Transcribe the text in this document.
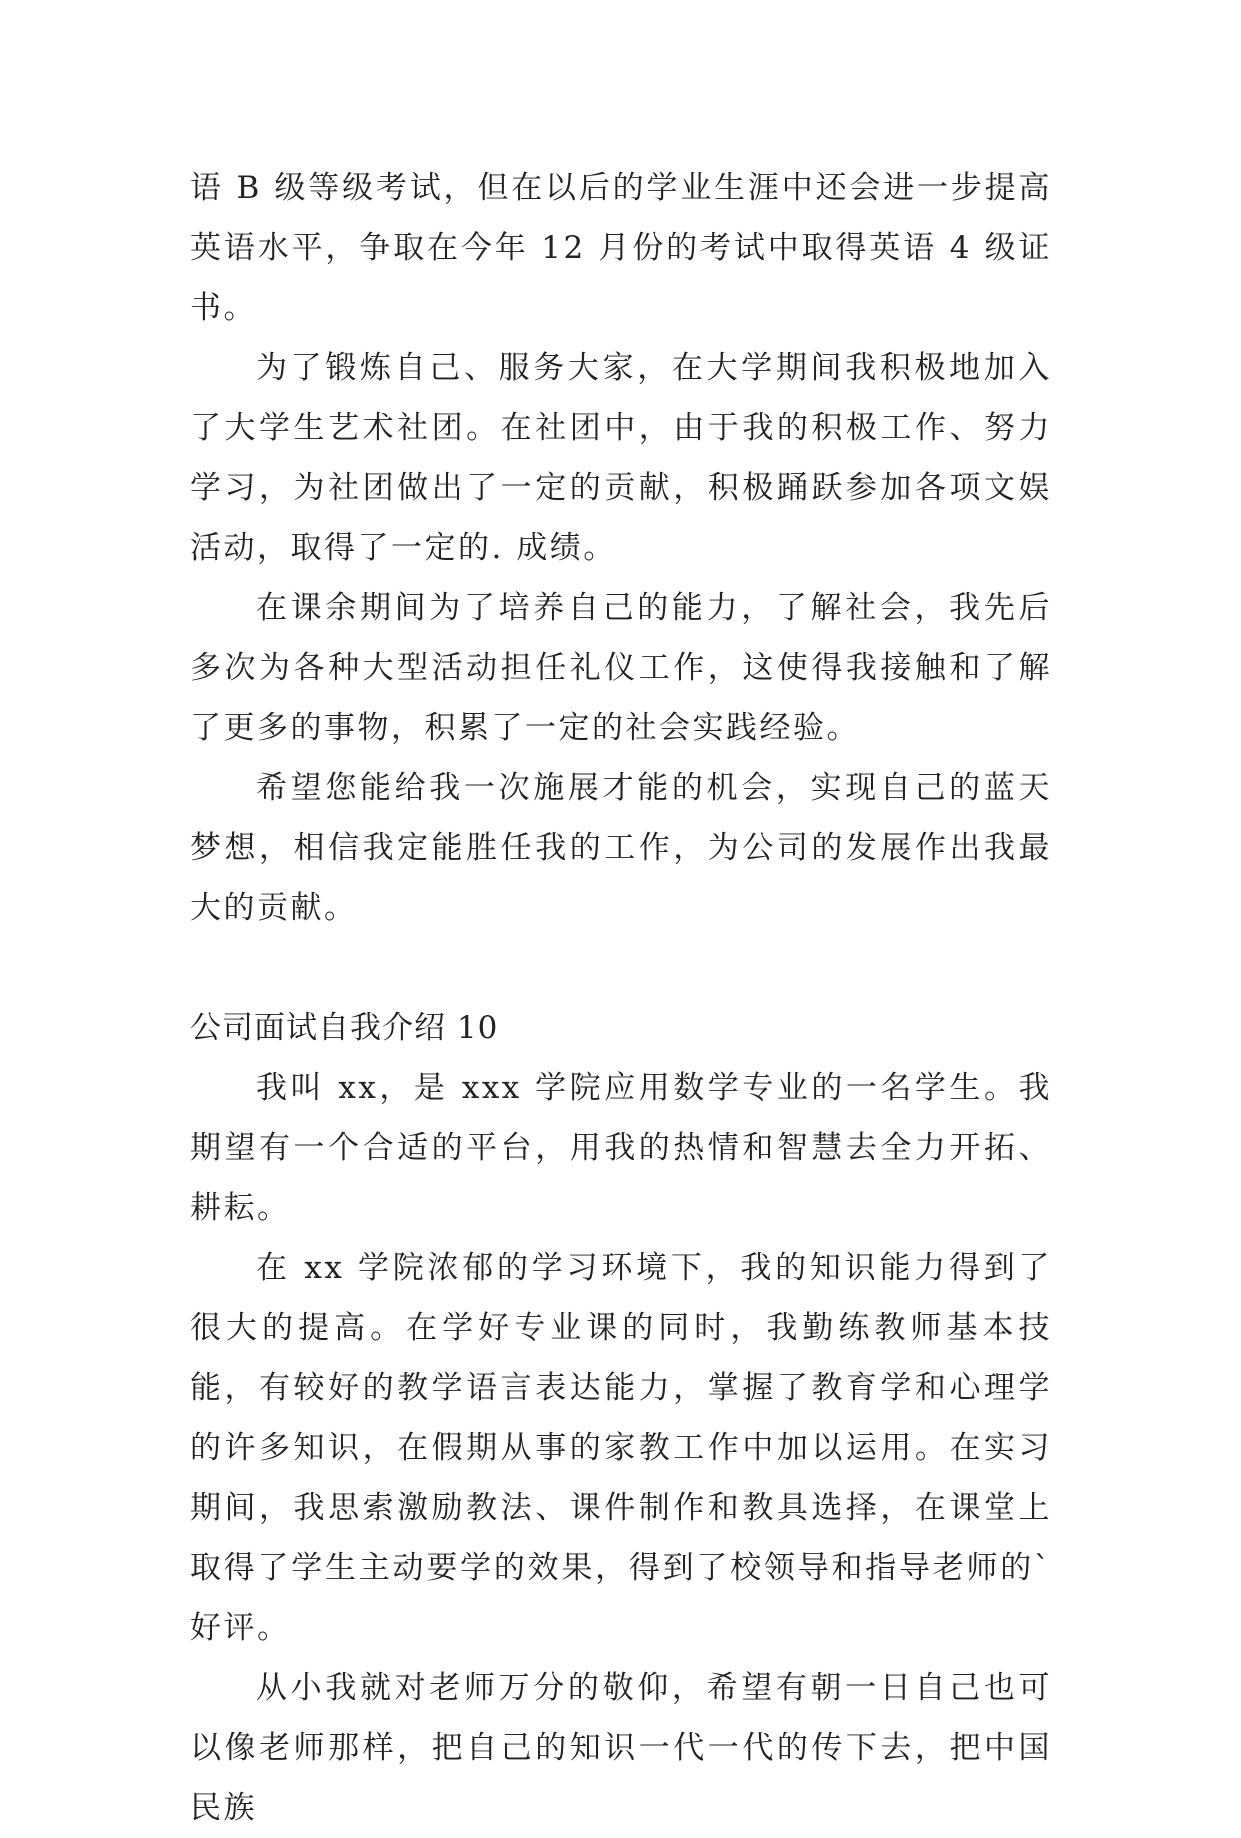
语 B 级等级考试，但在以后的学业生涯中还会进一步提高英语水平，争取在今年 12 月份的考试中取得英语 4 级证书。

为了锻炼自己、服务大家，在大学期间我积极地加入了大学生艺术社团。在社团中，由于我的积极工作、努力学习，为社团做出了一定的贡献，积极踊跃参加各项文娱活动，取得了一定的. 成绩。

在课余期间为了培养自己的能力，了解社会，我先后多次为各种大型活动担任礼仪工作，这使得我接触和了解了更多的事物，积累了一定的社会实践经验。

希望您能给我一次施展才能的机会，实现自己的蓝天梦想，相信我定能胜任我的工作，为公司的发展作出我最大的贡献。

公司面试自我介绍 10

我叫 xx，是 xxx 学院应用数学专业的一名学生。我期望有一个合适的平台，用我的热情和智慧去全力开拓、耕耘。

在 xx 学院浓郁的学习环境下，我的知识能力得到了很大的提高。在学好专业课的同时，我勤练教师基本技能，有较好的教学语言表达能力，掌握了教育学和心理学的许多知识，在假期从事的家教工作中加以运用。在实习期间，我思索激励教法、课件制作和教具选择，在课堂上取得了学生主动要学的效果，得到了校领导和指导老师的`好评。

从小我就对老师万分的敬仰，希望有朝一日自己也可以像老师那样，把自己的知识一代一代的传下去，把中国民族
